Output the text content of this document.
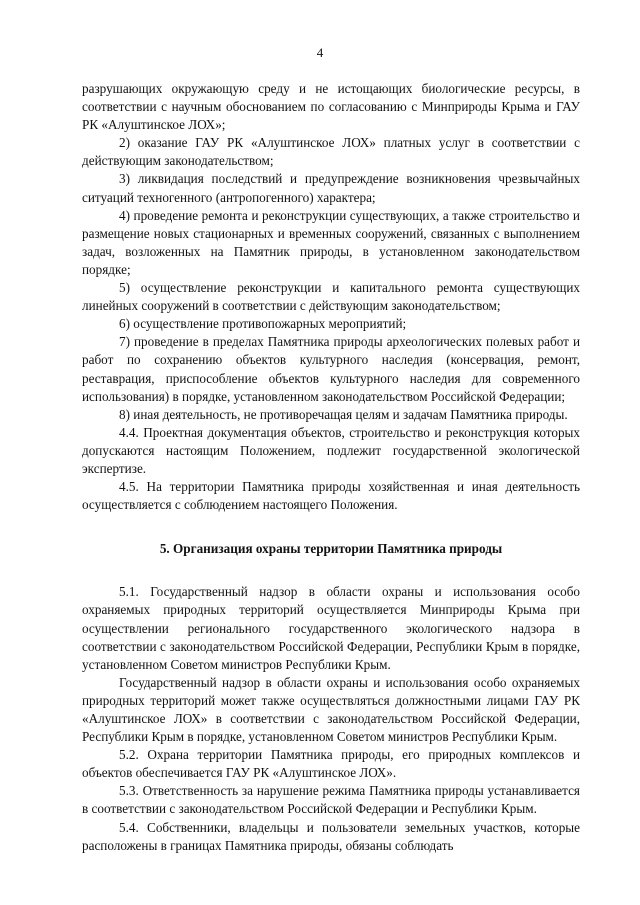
4

разрушающих окружающую среду и не истощающих биологические ресурсы, в соответствии с научным обоснованием по согласованию с Минприроды Крыма и ГАУ РК «Алуштинское ЛОХ»;

2) оказание ГАУ РК «Алуштинское ЛОХ» платных услуг в соответствии с действующим законодательством;

3) ликвидация последствий и предупреждение возникновения чрезвычайных ситуаций техногенного (антропогенного) характера;

4) проведение ремонта и реконструкции существующих, а также строительство и размещение новых стационарных и временных сооружений, связанных с выполнением задач, возложенных на Памятник природы, в установленном законодательством порядке;

5) осуществление реконструкции и капитального ремонта существующих линейных сооружений в соответствии с действующим законодательством;

6) осуществление противопожарных мероприятий;

7) проведение в пределах Памятника природы археологических полевых работ и работ по сохранению объектов культурного наследия (консервация, ремонт, реставрация, приспособление объектов культурного наследия для современного использования) в порядке, установленном законодательством Российской Федерации;

8) иная деятельность, не противоречащая целям и задачам Памятника природы.

4.4. Проектная документация объектов, строительство и реконструкция которых допускаются настоящим Положением, подлежит государственной экологической экспертизе.

4.5. На территории Памятника природы хозяйственная и иная деятельность осуществляется с соблюдением настоящего Положения.

5. Организация охраны территории Памятника природы

5.1. Государственный надзор в области охраны и использования особо охраняемых природных территорий осуществляется Минприроды Крыма при осуществлении регионального государственного экологического надзора в соответствии с законодательством Российской Федерации, Республики Крым в порядке, установленном Советом министров Республики Крым.

Государственный надзор в области охраны и использования особо охраняемых природных территорий может также осуществляться должностными лицами ГАУ РК «Алуштинское ЛОХ» в соответствии с законодательством Российской Федерации, Республики Крым в порядке, установленном Советом министров Республики Крым.

5.2. Охрана территории Памятника природы, его природных комплексов и объектов обеспечивается ГАУ РК «Алуштинское ЛОХ».

5.3. Ответственность за нарушение режима Памятника природы устанавливается в соответствии с законодательством Российской Федерации и Республики Крым.

5.4. Собственники, владельцы и пользователи земельных участков, которые расположены в границах Памятника природы, обязаны соблюдать
